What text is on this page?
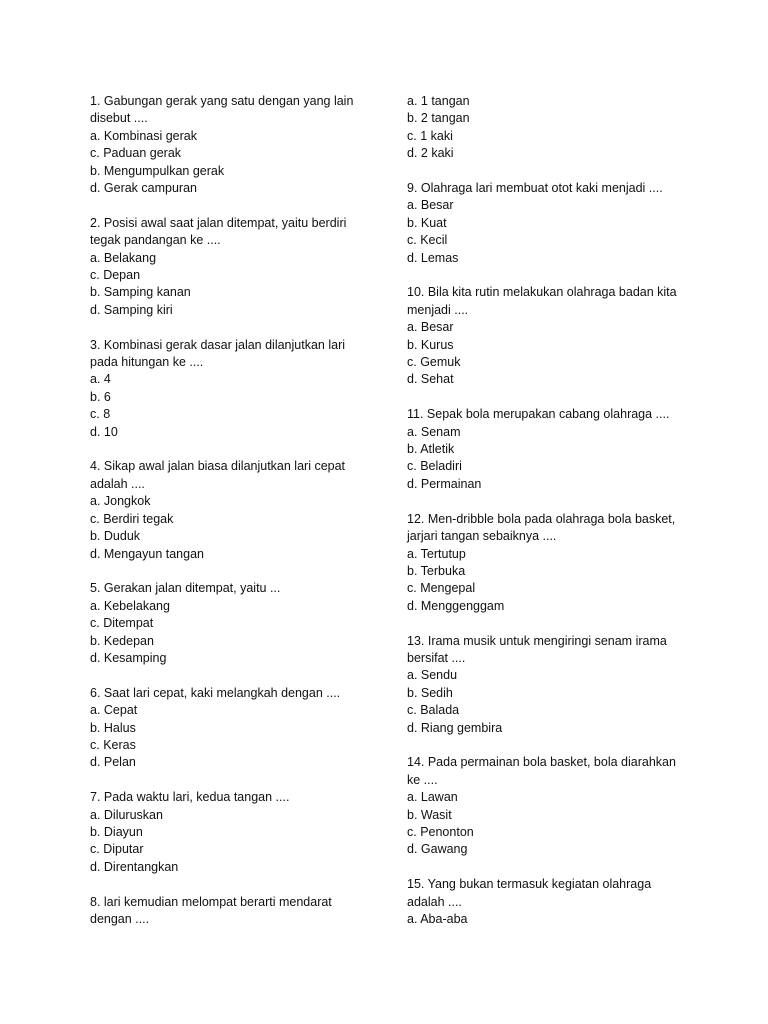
1. Gabungan gerak yang satu dengan yang lain disebut ....

a. Kombinasi gerak

c. Paduan gerak

b. Mengumpulkan gerak

d. Gerak campuran

2. Posisi awal saat jalan ditempat, yaitu berdiri tegak pandangan ke ....

a. Belakang

c. Depan

b. Samping kanan

d. Samping kiri

3. Kombinasi gerak dasar jalan dilanjutkan lari pada hitungan ke ....

a. 4

b. 6

c. 8

d. 10

4. Sikap awal jalan biasa dilanjutkan lari cepat adalah ....

a. Jongkok

c. Berdiri tegak

b. Duduk

d. Mengayun tangan

5. Gerakan jalan ditempat, yaitu ...

a. Kebelakang

c. Ditempat

b. Kedepan

d. Kesamping

6. Saat lari cepat, kaki melangkah dengan ....

a. Cepat

b. Halus

c. Keras

d. Pelan

7. Pada waktu lari, kedua tangan ....

a. Diluruskan

b. Diayun

c. Diputar

d. Direntangkan

8. lari kemudian melompat berarti mendarat dengan ....

a. 1 tangan

b. 2 tangan

c. 1 kaki

d. 2 kaki

9. Olahraga lari membuat otot kaki menjadi ....

a. Besar

b. Kuat

c. Kecil

d. Lemas

10. Bila kita rutin melakukan olahraga badan kita menjadi ....

a. Besar

b. Kurus

c. Gemuk

d. Sehat

11. Sepak bola merupakan cabang olahraga ....

a. Senam

b. Atletik

c. Beladiri

d. Permainan

12. Men-dribble bola pada olahraga bola basket, jarjari tangan sebaiknya ....

a. Tertutup

b. Terbuka

c. Mengepal

d. Menggenggam

13. Irama musik untuk mengiringi senam irama bersifat ....

a. Sendu

b. Sedih

c. Balada

d. Riang gembira

14. Pada permainan bola basket, bola diarahkan ke ....

a. Lawan

b. Wasit

c. Penonton

d. Gawang

15. Yang bukan termasuk kegiatan olahraga adalah ....

a. Aba-aba
